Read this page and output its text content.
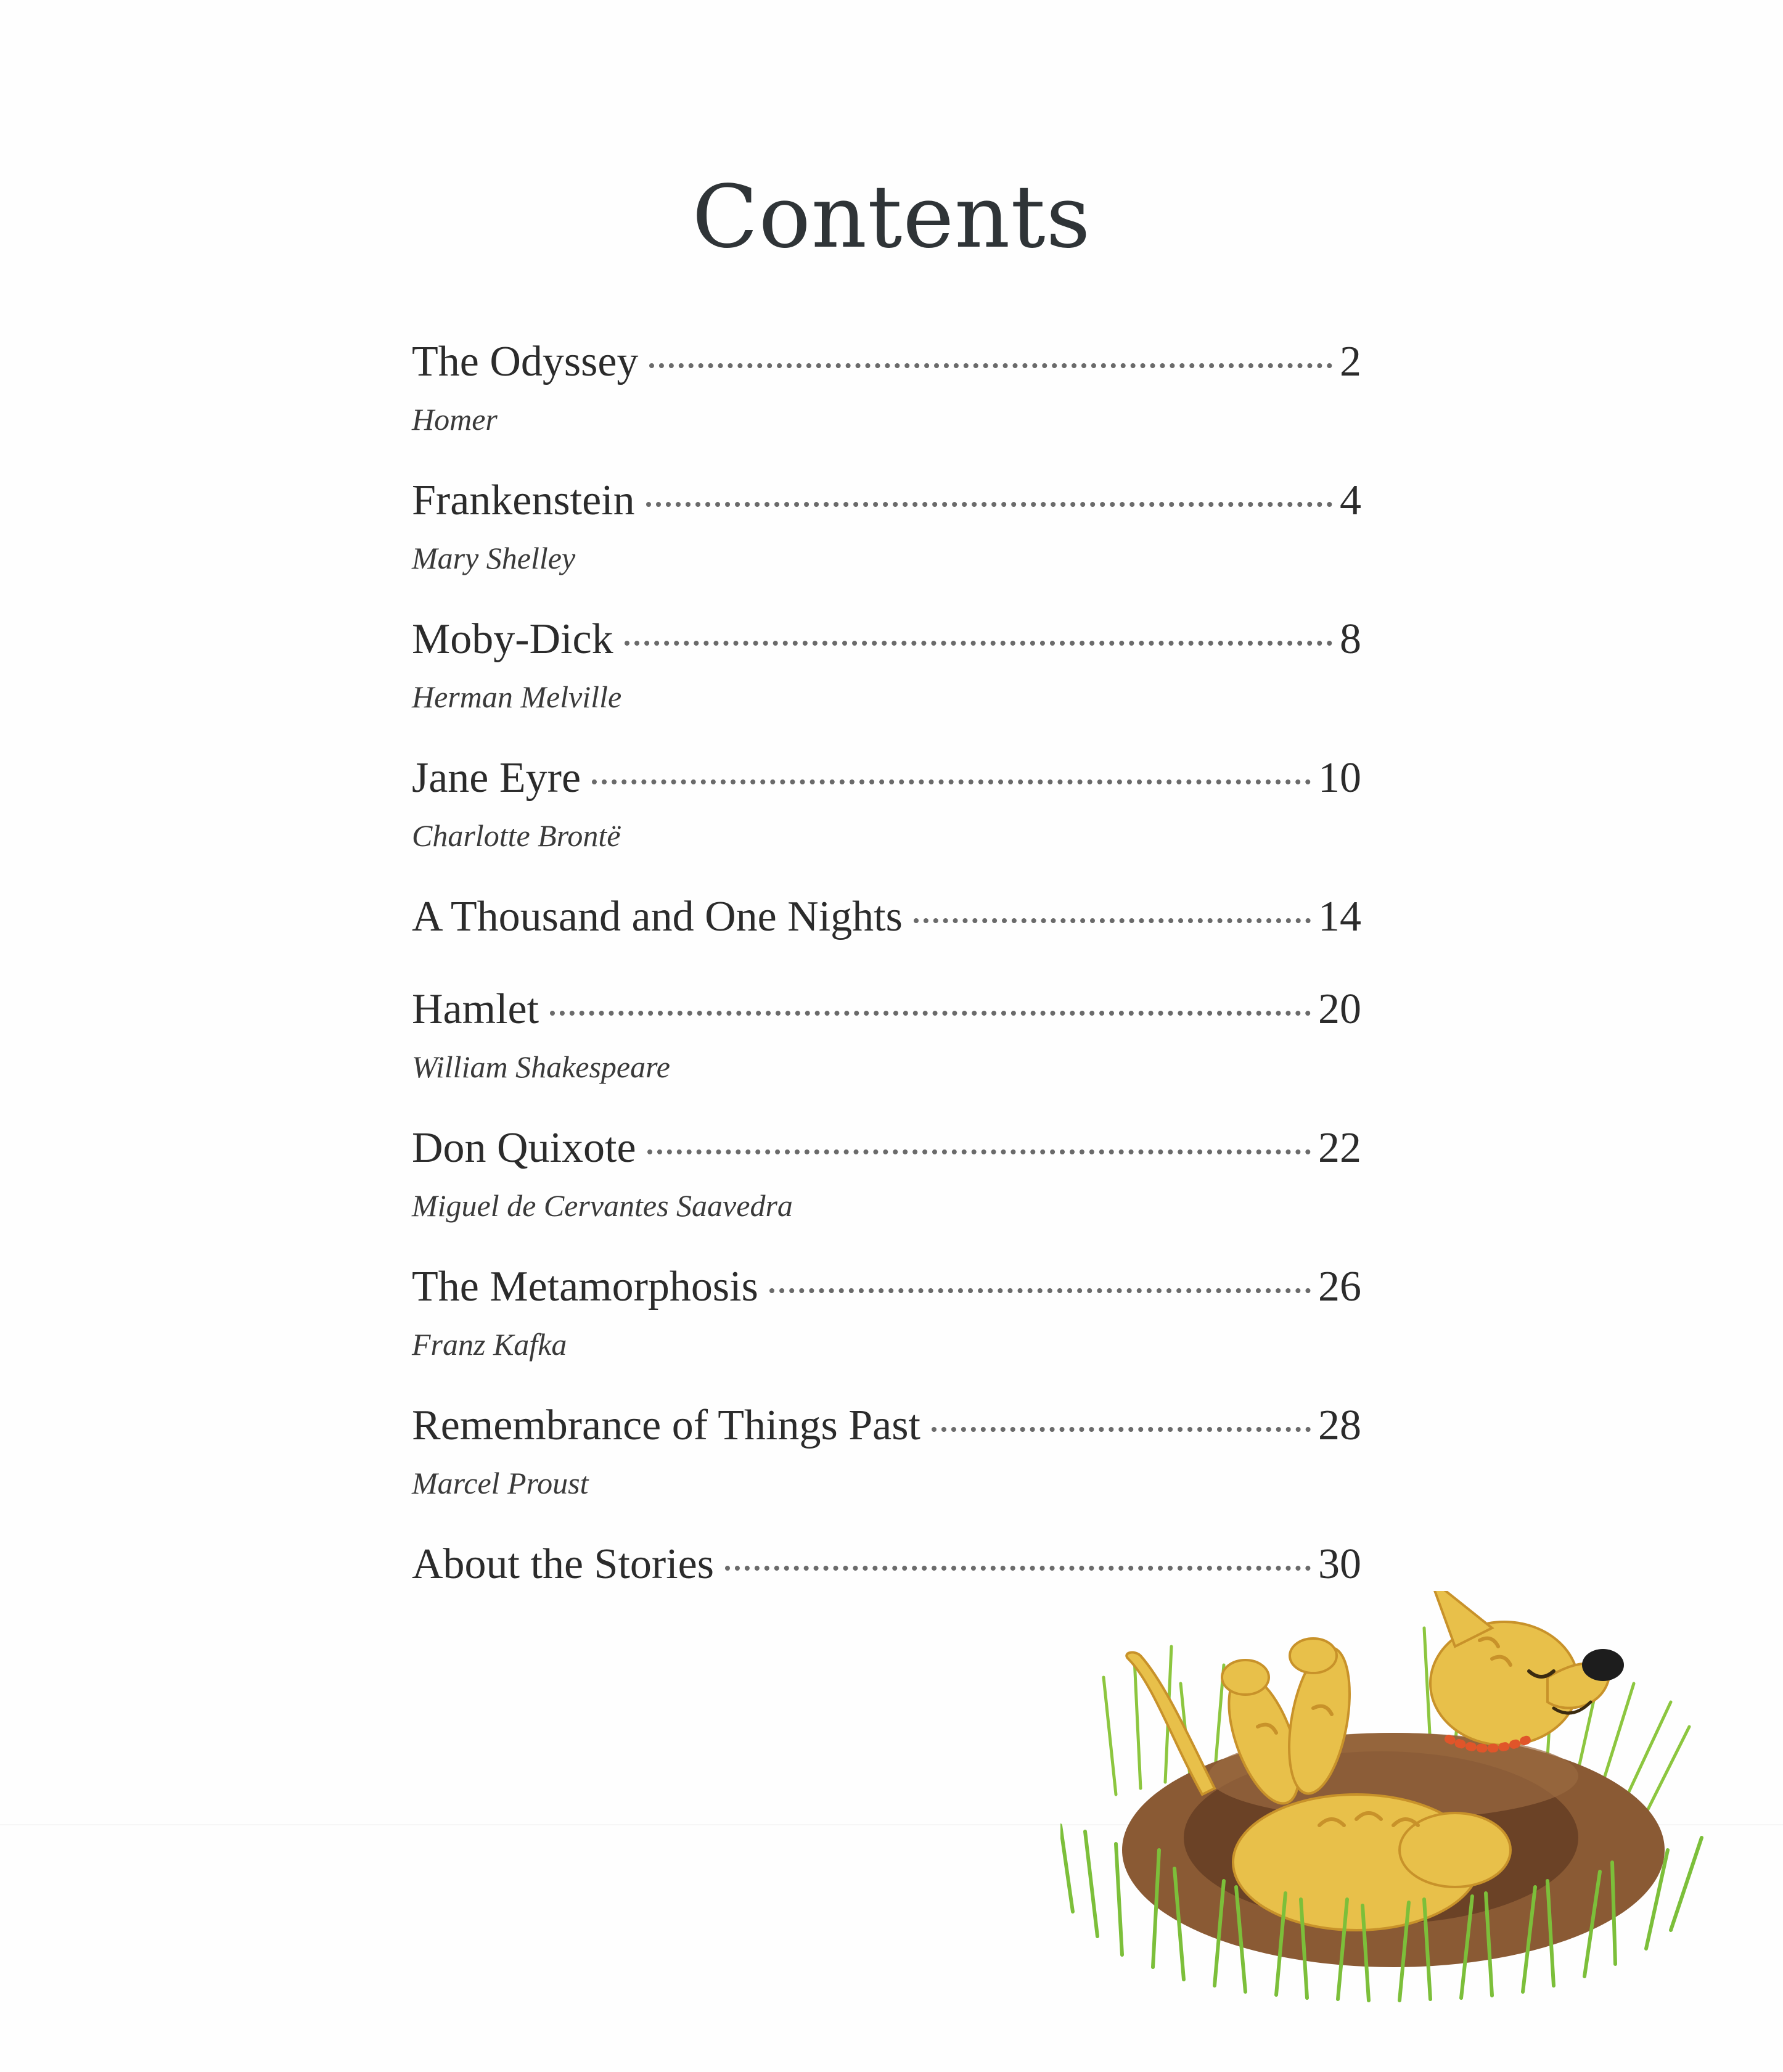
Contents
The Odyssey	2
Homer
Frankenstein	4
Mary Shelley
Moby-Dick	8
Herman Melville
Jane Eyre	10
Charlotte Brontë
A Thousand and One Nights	14
Hamlet	20
William Shakespeare
Don Quixote	22
Miguel de Cervantes Saavedra
The Metamorphosis	26
Franz Kafka
Remembrance of Things Past	28
Marcel Proust
About the Stories	30
